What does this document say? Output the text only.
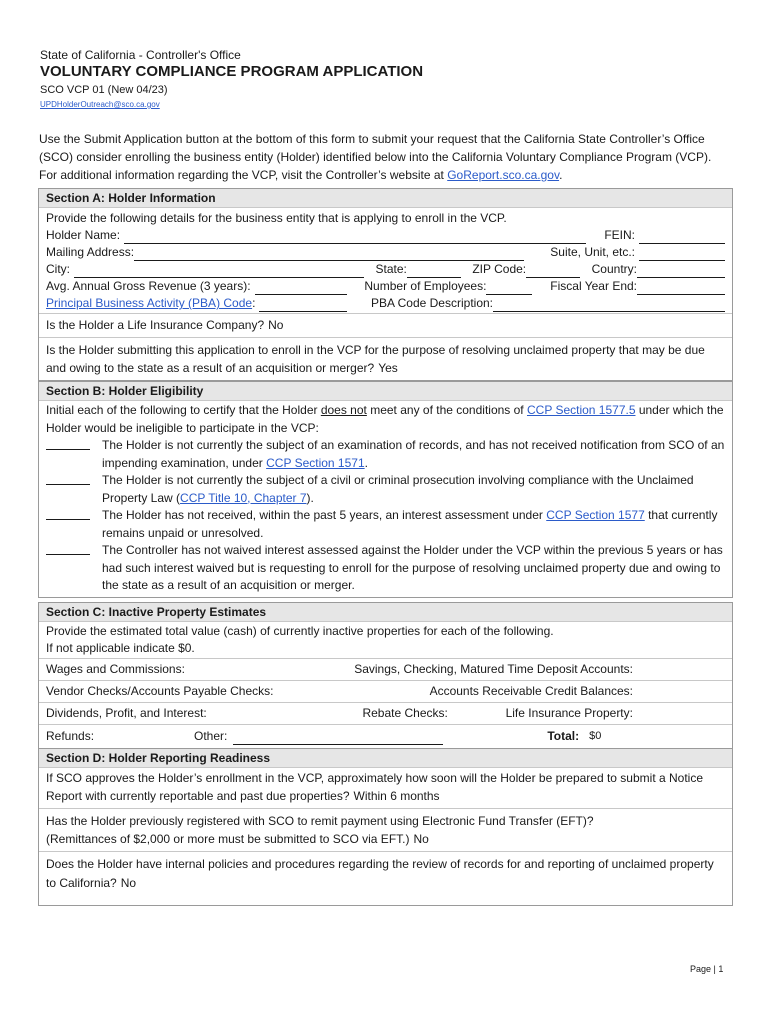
State of California - Controller's Office
VOLUNTARY COMPLIANCE PROGRAM APPLICATION
SCO VCP 01 (New 04/23)
UPDHolderOutreach@sco.ca.gov
Use the Submit Application button at the bottom of this form to submit your request that the California State Controller’s Office (SCO) consider enrolling the business entity (Holder) identified below into the California Voluntary Compliance Program (VCP). For additional information regarding the VCP, visit the Controller’s website at GoReport.sco.ca.gov.
Section A: Holder Information
Provide the following details for the business entity that is applying to enroll in the VCP.
Holder Name:	FEIN:
Mailing Address:	Suite, Unit, etc.:
City:	State:	ZIP Code:	Country:
Avg. Annual Gross Revenue (3 years):	Number of Employees:	Fiscal Year End:
Principal Business Activity (PBA) Code:	PBA Code Description:
Is the Holder a Life Insurance Company? No
Is the Holder submitting this application to enroll in the VCP for the purpose of resolving unclaimed property that may be due and owing to the state as a result of an acquisition or merger? Yes
Section B: Holder Eligibility
Initial each of the following to certify that the Holder does not meet any of the conditions of CCP Section 1577.5 under which the Holder would be ineligible to participate in the VCP:
The Holder is not currently the subject of an examination of records, and has not received notification from SCO of an impending examination, under CCP Section 1571.
The Holder is not currently the subject of a civil or criminal prosecution involving compliance with the Unclaimed Property Law (CCP Title 10, Chapter 7).
The Holder has not received, within the past 5 years, an interest assessment under CCP Section 1577 that currently remains unpaid or unresolved.
The Controller has not waived interest assessed against the Holder under the VCP within the previous 5 years or has had such interest waived but is requesting to enroll for the purpose of resolving unclaimed property due and owing to the state as a result of an acquisition or merger.
Section C: Inactive Property Estimates
Provide the estimated total value (cash) of currently inactive properties for each of the following.
If not applicable indicate $0.
Wages and Commissions:	Savings, Checking, Matured Time Deposit Accounts:
Vendor Checks/Accounts Payable Checks:	Accounts Receivable Credit Balances:
Dividends, Profit, and Interest:	Rebate Checks:	Life Insurance Property:
Refunds:	Other:	Total: $0
Section D: Holder Reporting Readiness
If SCO approves the Holder’s enrollment in the VCP, approximately how soon will the Holder be prepared to submit a Notice Report with currently reportable and past due properties? Within 6 months
Has the Holder previously registered with SCO to remit payment using Electronic Fund Transfer (EFT)?
(Remittances of $2,000 or more must be submitted to SCO via EFT.) No
Does the Holder have internal policies and procedures regarding the review of records for and reporting of unclaimed property to California? No
Page | 1
